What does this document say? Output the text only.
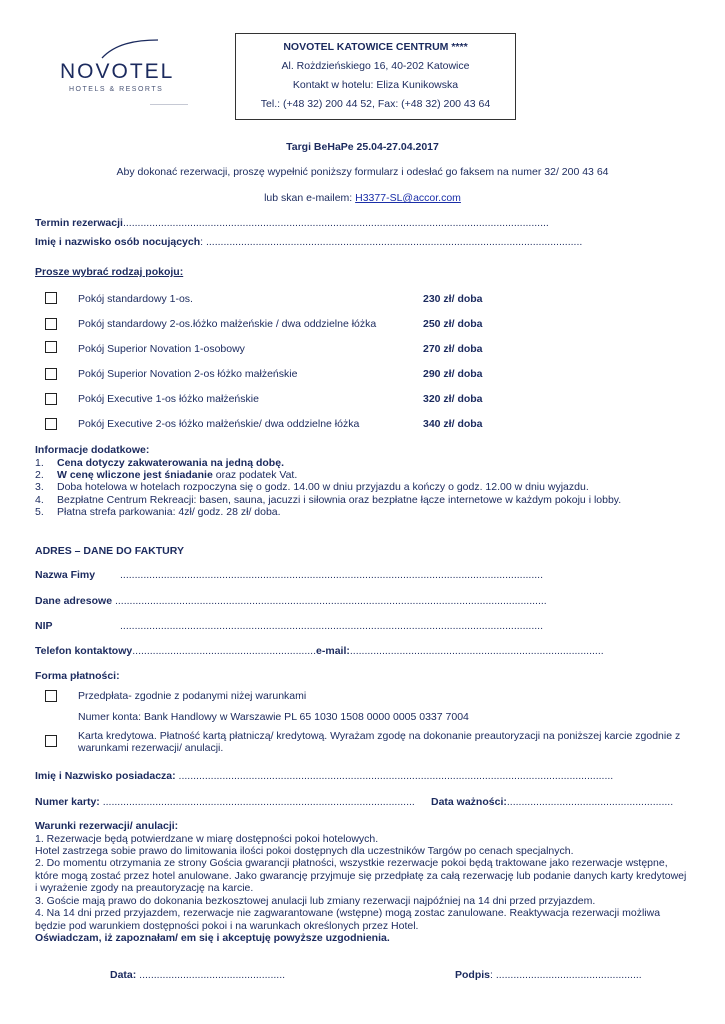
NOVOTEL
HOTELS & RESORTS
NOVOTEL KATOWICE CENTRUM ****
Al. Rożdzieńskiego 16, 40-202 Katowice
Kontakt w hotelu: Eliza Kunikowska
Tel.: (+48 32) 200 44 52, Fax: (+48 32) 200 43 64
Targi BeHaPe 25.04-27.04.2017
Aby dokonać rezerwacji, proszę wypełnić poniższy formularz i odesłać go faksem na numer 32/ 200 43 64
lub skan e-mailem: H3377-SL@accor.com
Termin rezerwacji..................................................................................................................................................
Imię i nazwisko osób nocujących: .................................................................................................................................
Prosze wybrać rodzaj pokoju:
Pokój standardowy 1-os.	230 zł/ doba
Pokój standardowy 2-os.łóżko małżeńskie / dwa oddzielne łóżka	250 zł/ doba
Pokój Superior Novation 1-osobowy	270 zł/ doba
Pokój Superior Novation 2-os łóżko małżeńskie	290 zł/ doba
Pokój Executive 1-os łóżko małżeńskie	320 zł/ doba
Pokój Executive 2-os łóżko małżeńskie/ dwa oddzielne łóżka	340 zł/ doba
Informacje dodatkowe:
1. Cena dotyczy zakwaterowania na jedną dobę.
2. W cenę wliczone jest śniadanie oraz podatek Vat.
3. Doba hotelowa w hotelach rozpoczyna się o godz. 14.00 w dniu przyjazdu a kończy o godz. 12.00 w dniu wyjazdu.
4. Bezpłatne Centrum Rekreacji: basen, sauna, jacuzzi i siłownia oraz bezpłatne łącze internetowe w każdym pokoju i lobby.
5. Płatna strefa parkowania: 4zł/ godz. 28 zł/ doba.
ADRES – DANE DO FAKTURY
Nazwa Fimy .................................................................................................................................................
Dane adresowe ....................................................................................................................................................
NIP	.................................................................................................................................................
Telefon kontaktowy...............................................................e-mail:.......................................................................................
Forma płatności:
Przedpłata- zgodnie z podanymi niżej warunkami
Numer konta: Bank Handlowy w Warszawie PL 65 1030 1508 0000 0005 0337 7004
Karta kredytowa. Płatność kartą płatniczą/ kredytową. Wyrażam zgodę na dokonanie preautoryzacji na poniższej karcie zgodnie z
warunkami rezerwacji/ anulacji.
Imię i Nazwisko posiadacza: .....................................................................................................................................................
Numer karty: ........................................................................................................... Data ważności:.........................................................
Warunki rezerwacji/ anulacji:
1. Rezerwacje będą potwierdzane w miarę dostępności pokoi hotelowych.
Hotel zastrzega sobie prawo do limitowania ilości pokoi dostępnych dla uczestników Targów po cenach specjalnych.
2. Do momentu otrzymania ze strony Gościa gwarancji płatności, wszystkie rezerwacje pokoi będą traktowane jako rezerwacje wstępne,
które mogą zostać przez hotel anulowane. Jako gwarancję przyjmuje się przedpłatę za całą rezerwację lub podanie danych karty kredytowej
i wyrażenie zgody na preautoryzację na karcie.
3. Goście mają prawo do dokonania bezkosztowej anulacji lub zmiany rezerwacji najpóźniej na 14 dni przed przyjazdem.
4. Na 14 dni przed przyjazdem, rezerwacje nie zagwarantowane (wstępne) mogą zostac zanulowane. Reaktywacja rezerwacji możliwa
będzie pod warunkiem dostępności pokoi i na warunkach określonych przez Hotel.
Oświadczam, iż zapoznałam/ em się i akceptuję powyższe uzgodnienia.
Data: ..................................................	Podpis: ..................................................
